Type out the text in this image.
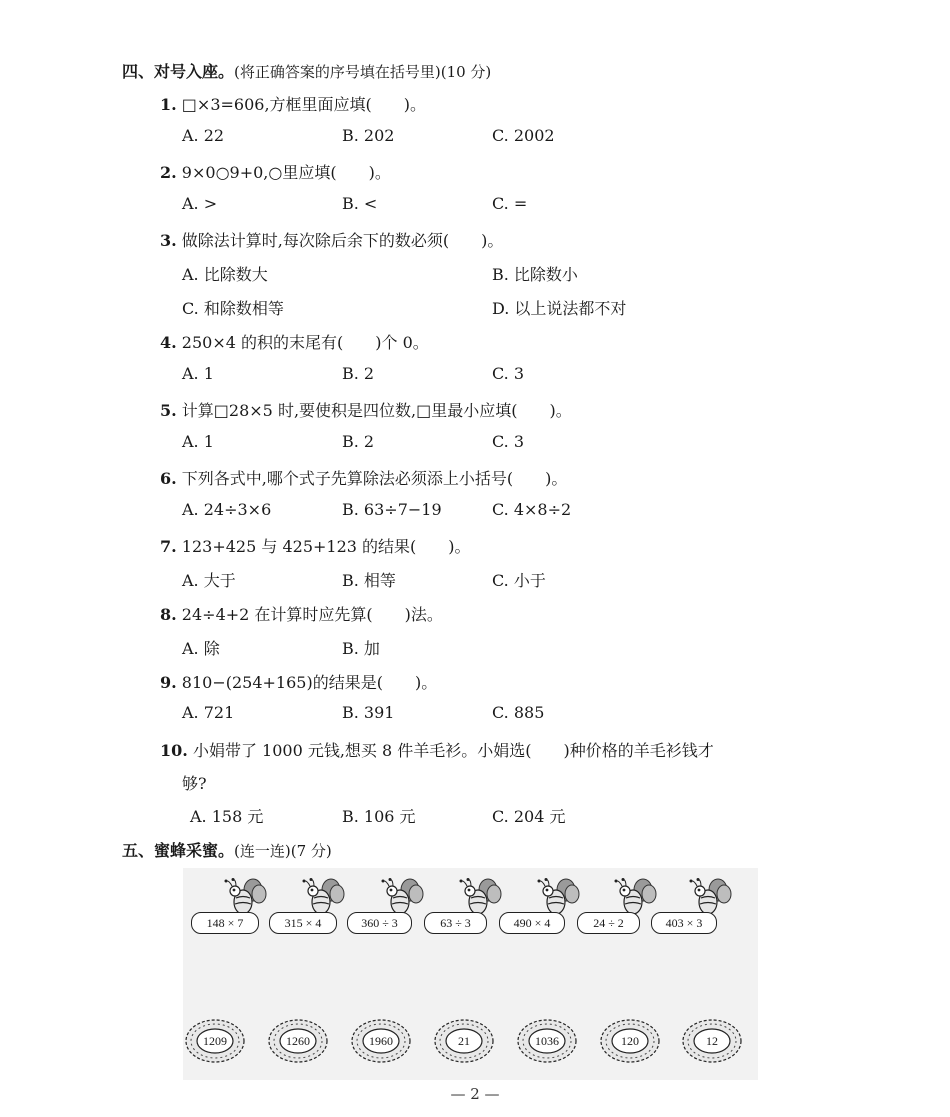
四、对号入座。(将正确答案的序号填在括号里)(10 分)
1. □×3=606,方框里面应填(　　)。
A. 22	B. 202	C. 2002
2. 9×0○9+0,○里应填(　　)。
A. >	B. <	C. =
3. 做除法计算时,每次除后余下的数必须(　　)。
A. 比除数大	B. 比除数小
C. 和除数相等	D. 以上说法都不对
4. 250×4 的积的末尾有(　　)个 0。
A. 1	B. 2	C. 3
5. 计算□28×5 时,要使积是四位数,□里最小应填(　　)。
A. 1	B. 2	C. 3
6. 下列各式中,哪个式子先算除法必须添上小括号(　　)。
A. 24÷3×6	B. 63÷7−19	C. 4×8÷2
7. 123+425 与 425+123 的结果(　　)。
A. 大于	B. 相等	C. 小于
8. 24÷4+2 在计算时应先算(　　)法。
A. 除	B. 加
9. 810−(254+165)的结果是(　　)。
A. 721	B. 391	C. 885
10. 小娟带了 1000 元钱,想买 8 件羊毛衫。小娟选(　　)种价格的羊毛衫钱才
够?
A. 158 元	B. 106 元	C. 204 元
五、蜜蜂采蜜。(连一连)(7 分)
148 × 7	315 × 4	360 ÷ 3	63 ÷ 3	490 × 4	24 ÷ 2	403 × 3
1209	1260	1960	21	1036	120	12
— 2 —
